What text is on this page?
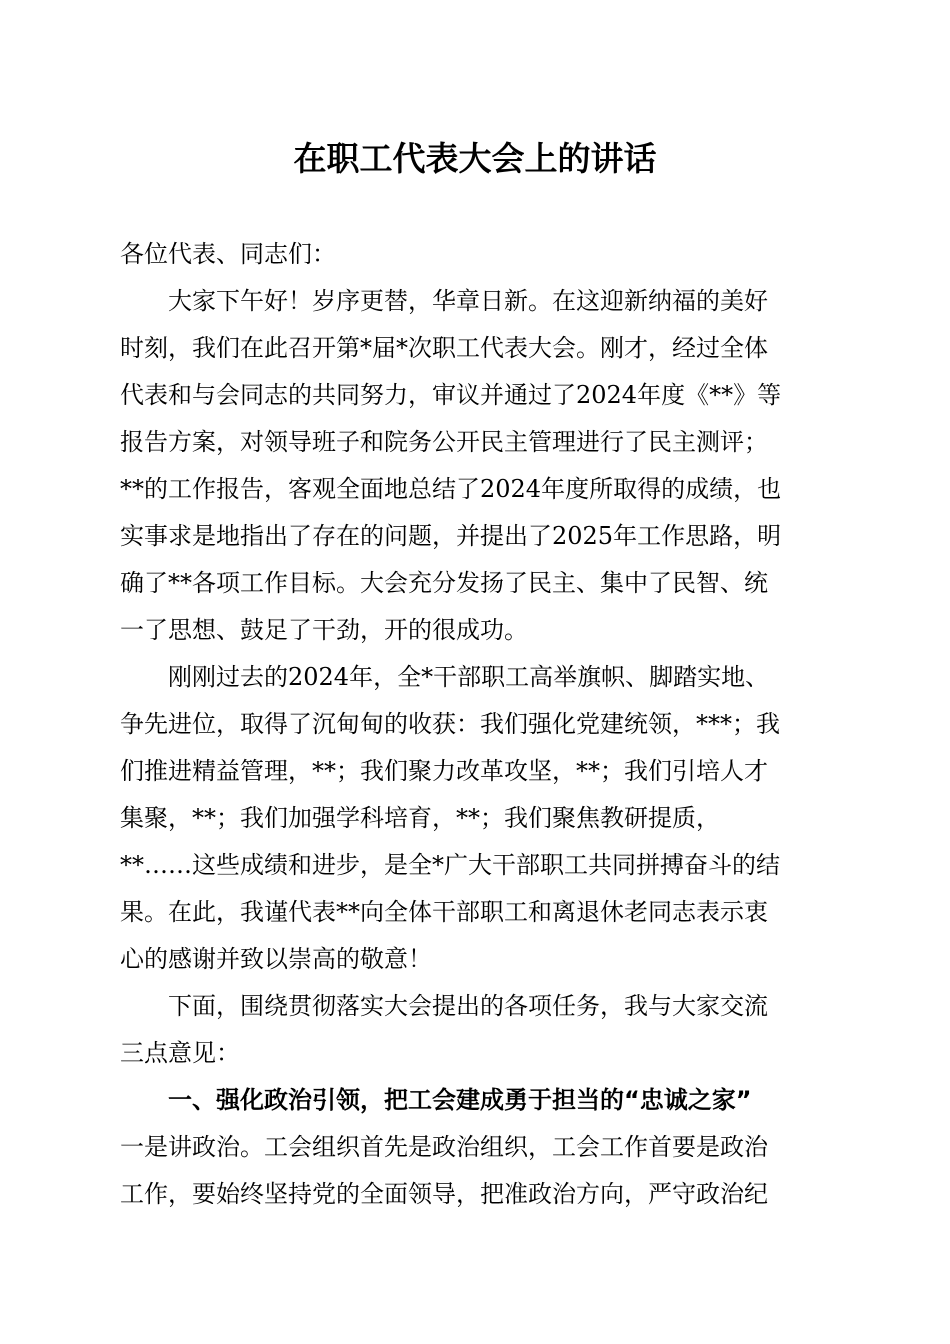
在职工代表大会上的讲话

各位代表、同志们：

大家下午好！岁序更替，华章日新。在这迎新纳福的美好
时刻，我们在此召开第*届*次职工代表大会。刚才，经过全体
代表和与会同志的共同努力，审议并通过了2024年度《**》等
报告方案，对领导班子和院务公开民主管理进行了民主测评；
**的工作报告，客观全面地总结了2024年度所取得的成绩，也
实事求是地指出了存在的问题，并提出了2025年工作思路，明
确了**各项工作目标。大会充分发扬了民主、集中了民智、统
一了思想、鼓足了干劲，开的很成功。

刚刚过去的2024年，全*干部职工高举旗帜、脚踏实地、
争先进位，取得了沉甸甸的收获：我们强化党建统领，***；我
们推进精益管理，**；我们聚力改革攻坚，**；我们引培人才
集聚，**；我们加强学科培育，**；我们聚焦教研提质，
**……这些成绩和进步，是全*广大干部职工共同拼搏奋斗的结
果。在此，我谨代表**向全体干部职工和离退休老同志表示衷
心的感谢并致以崇高的敬意！

下面，围绕贯彻落实大会提出的各项任务，我与大家交流
三点意见：

一、强化政治引领，把工会建成勇于担当的“忠诚之家”

一是讲政治。工会组织首先是政治组织，工会工作首要是政治
工作，要始终坚持党的全面领导，把准政治方向，严守政治纪
